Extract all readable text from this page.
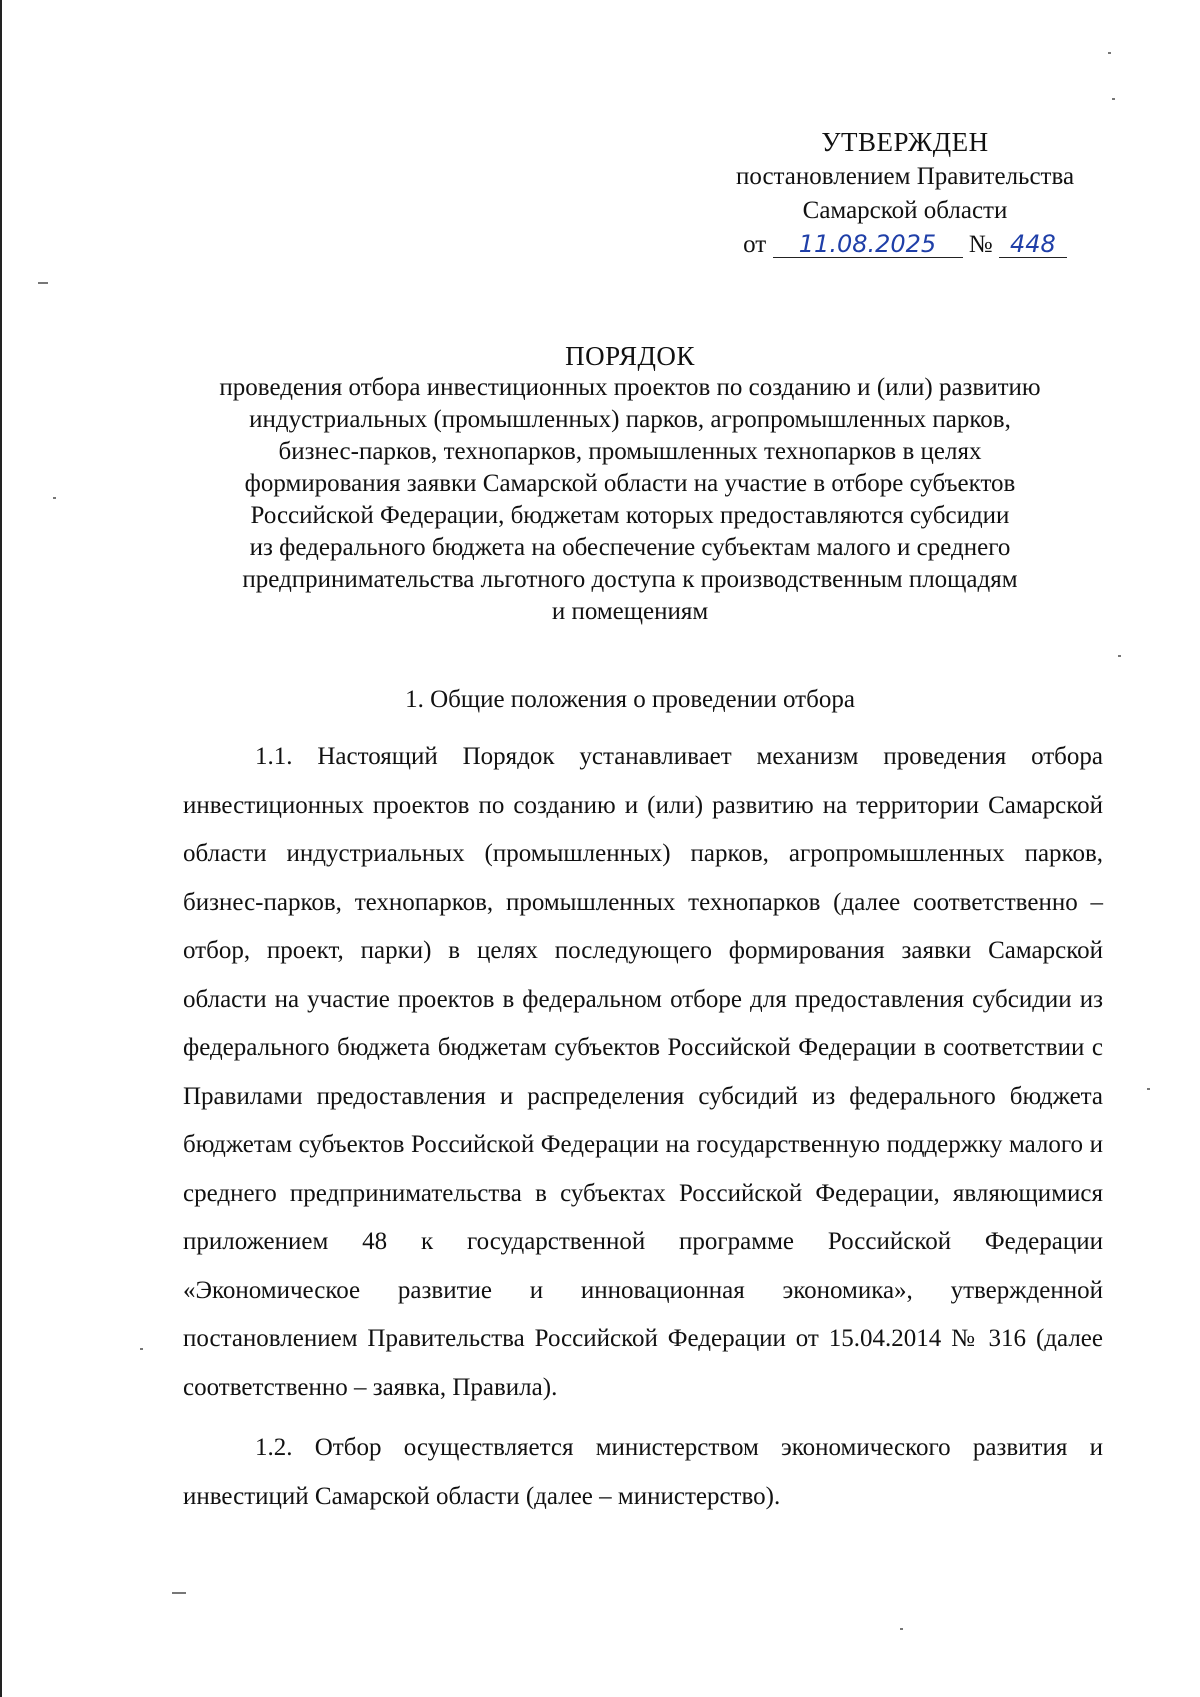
УТВЕРЖДЕН
постановлением Правительства
Самарской области
от 11.08.2025 № 448
ПОРЯДОК
проведения отбора инвестиционных проектов по созданию и (или) развитию
индустриальных (промышленных) парков, агропромышленных парков,
бизнес-парков, технопарков, промышленных технопарков в целях
формирования заявки Самарской области на участие в отборе субъектов
Российской Федерации, бюджетам которых предоставляются субсидии
из федерального бюджета на обеспечение субъектам малого и среднего
предпринимательства льготного доступа к производственным площадям
и помещениям
1. Общие положения о проведении отбора

1.1. Настоящий Порядок устанавливает механизм проведения отбора инвестиционных проектов по созданию и (или) развитию на территории Самарской области индустриальных (промышленных) парков, агропромышленных парков, бизнес-парков, технопарков, промышленных технопарков (далее соответственно – отбор, проект, парки) в целях последующего формирования заявки Самарской области на участие проектов в федеральном отборе для предоставления субсидии из федерального бюджета бюджетам субъектов Российской Федерации в соответствии с Правилами предоставления и распределения субсидий из федерального бюджета бюджетам субъектов Российской Федерации на государственную поддержку малого и среднего предпринимательства в субъектах Российской Федерации, являющимися приложением 48 к государственной программе Российской Федерации «Экономическое развитие и инновационная экономика», утвержденной постановлением Правительства Российской Федерации от 15.04.2014 № 316 (далее соответственно – заявка, Правила).

1.2. Отбор осуществляется министерством экономического развития и инвестиций Самарской области (далее – министерство).
